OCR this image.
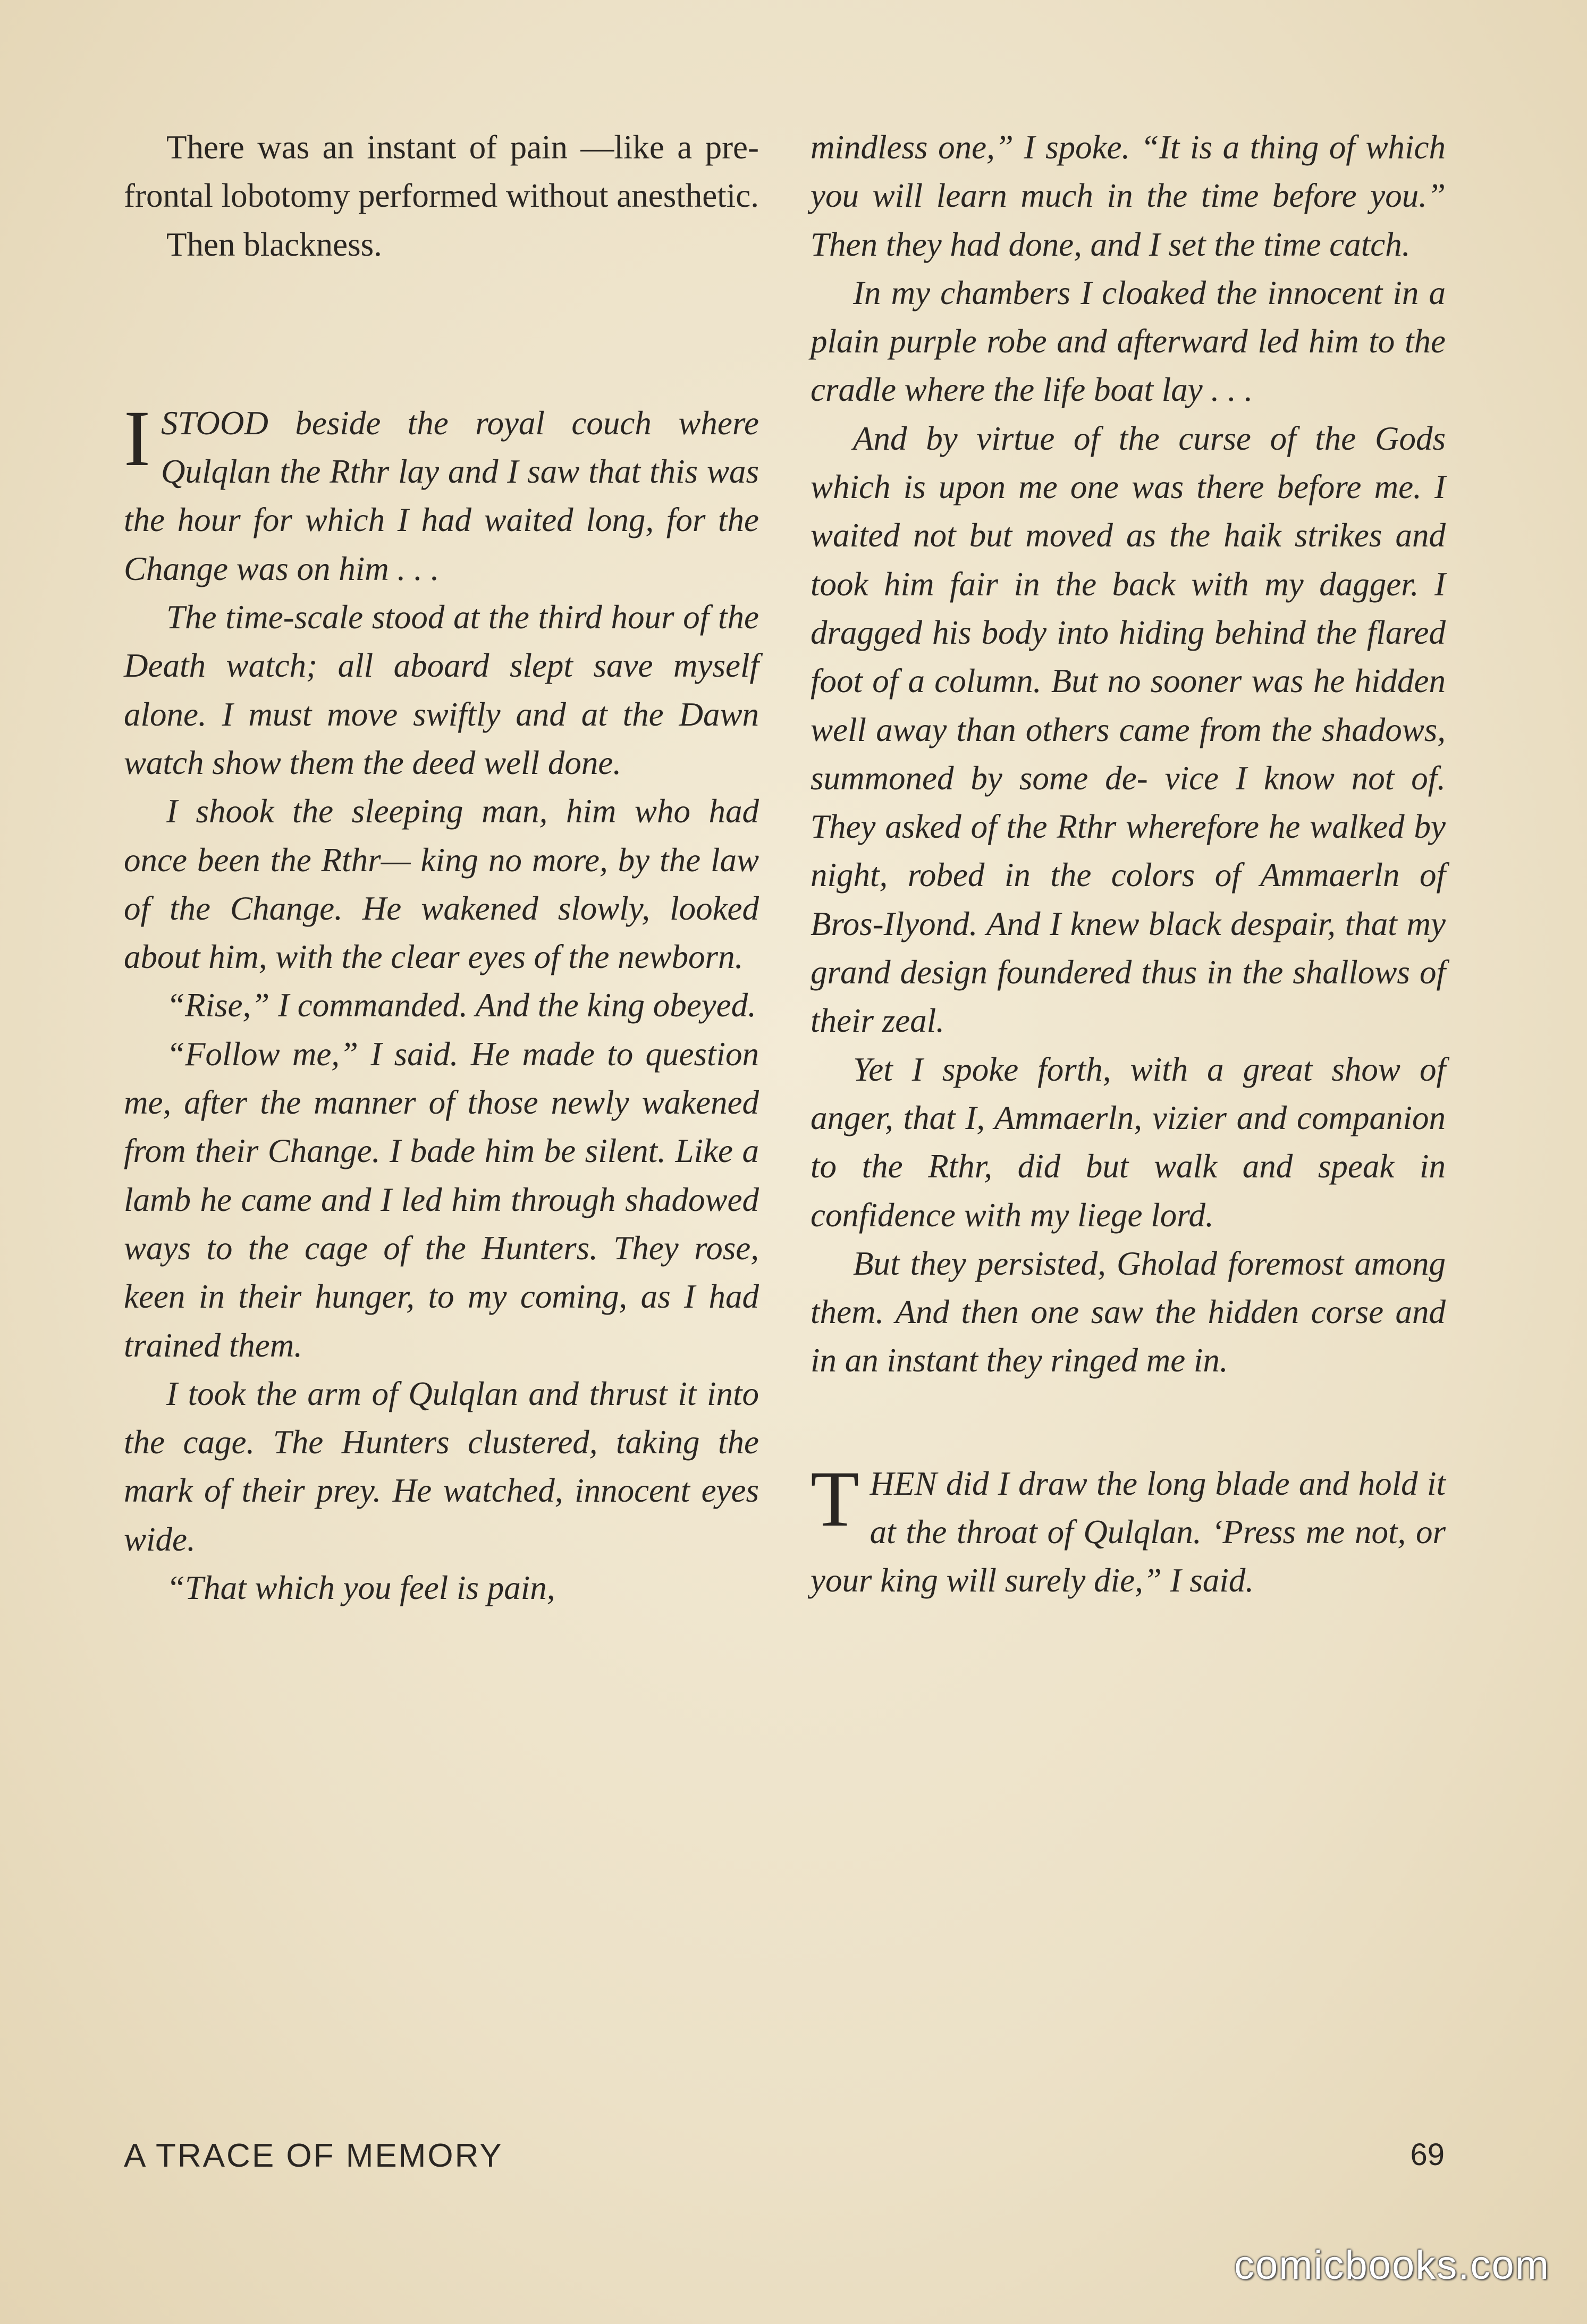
There was an instant of pain —like a pre-frontal lobotomy performed without anesthetic.

Then blackness.

ISTOOD beside the royal couch where Qulqlan the Rthr lay and I saw that this was the hour for which I had waited long, for the Change was on him . . .

The time-scale stood at the third hour of the Death watch; all aboard slept save myself alone. I must move swiftly and at the Dawn watch show them the deed well done.

I shook the sleeping man, him who had once been the Rthr— king no more, by the law of the Change. He wakened slowly, looked about him, with the clear eyes of the newborn.

“Rise,” I commanded. And the king obeyed.

“Follow me,” I said. He made to question me, after the manner of those newly wakened from their Change. I bade him be silent. Like a lamb he came and I led him through shadowed ways to the cage of the Hunters. They rose, keen in their hunger, to my coming, as I had trained them.

I took the arm of Qulqlan and thrust it into the cage. The Hunters clustered, taking the mark of their prey. He watched, innocent eyes wide.

“That which you feel is pain,

mindless one,” I spoke. “It is a thing of which you will learn much in the time before you.” Then they had done, and I set the time catch.

In my chambers I cloaked the innocent in a plain purple robe and afterward led him to the cradle where the life boat lay . . .

And by virtue of the curse of the Gods which is upon me one was there before me. I waited not but moved as the haik strikes and took him fair in the back with my dagger. I dragged his body into hiding behind the flared foot of a column. But no sooner was he hidden well away than others came from the shadows, summoned by some de- vice I know not of. They asked of the Rthr wherefore he walked by night, robed in the colors of Ammaerln of Bros-Ilyond. And I knew black despair, that my grand design foundered thus in the shallows of their zeal.

Yet I spoke forth, with a great show of anger, that I, Ammaerln, vizier and companion to the Rthr, did but walk and speak in confidence with my liege lord.

But they persisted, Gholad foremost among them. And then one saw the hidden corse and in an instant they ringed me in.

THEN did I draw the long blade and hold it at the throat of Qulqlan. ‘Press me not, or your king will surely die,” I said.

A TRACE OF MEMORY	69
comicbooks.com
